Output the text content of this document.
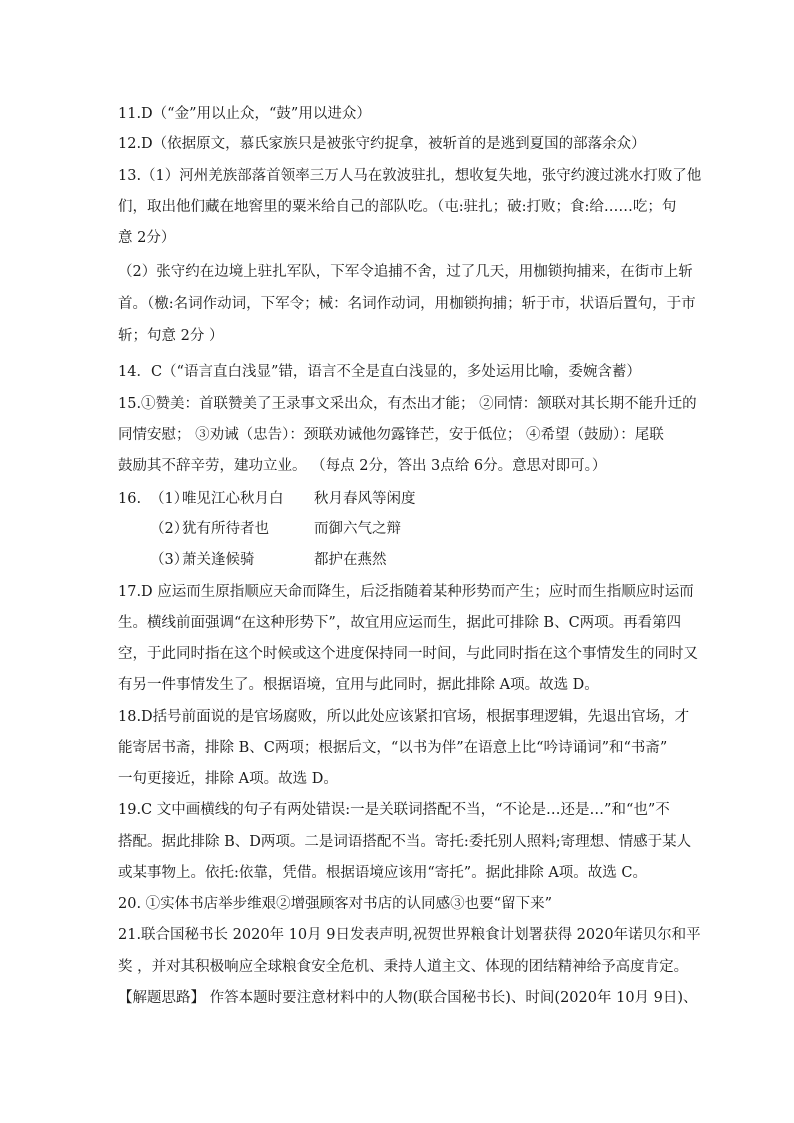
11.D（“金”用以止众，“鼓”用以进众）
12.D（依据原文，慕氏家族只是被张守约捉拿，被斩首的是逃到夏国的部落余众）
13.（1）河州羌族部落首领率三万人马在敦波驻扎，想收复失地，张守约渡过洮水打败了他
们，取出他们藏在地窖里的粟米给自己的部队吃。（屯:驻扎；破:打败；食:给……吃；句
意 2分）
（2）张守约在边境上驻扎军队，下军令追捕不舍，过了几天，用枷锁拘捕来，在街市上斩
首。（檄:名词作动词，下军令；械：名词作动词，用枷锁拘捕；斩于市，状语后置句，于市
斩；句意 2分 ）
14．C（“语言直白浅显”错，语言不全是直白浅显的，多处运用比喻，委婉含蓄）
15.①赞美：首联赞美了王录事文采出众，有杰出才能； ②同情：颔联对其长期不能升迁的
同情安慰； ③劝诫（忠告）：颈联劝诫他勿露锋芒，安于低位； ④希望（鼓励）：尾联
鼓励其不辞辛劳，建功立业。 （每点 2分，答出 3点给 6分。意思对即可。）
16. （1）
唯见江心秋月白 秋月春风等闲度
（2）
犹有所待者也	而御六气之辩
（3）
萧关逢候骑	都护在燕然
17.D 应运而生原指顺应天命而降生，后泛指随着某种形势而产生；应时而生指顺应时运而
生。横线前面强调“在这种形势下”，故宜用应运而生，据此可排除 B、C两项。再看第四
空，于此同时指在这个时候或这个进度保持同一时间，与此同时指在这个事情发生的同时又
有另一件事情发生了。根据语境，宜用与此同时，据此排除 A项。故选 D。
18.D括号前面说的是官场腐败，所以此处应该紧扣官场，根据事理逻辑，先退出官场，才
能寄居书斋，排除 B、C两项；根据后文，“以书为伴”在语意上比“吟诗诵词”和“书斋”
一句更接近，排除 A项。故选 D。
19.C 文中画横线的句子有两处错误:一是关联词搭配不当，“不论是…还是…”和“也”不
搭配。据此排除 B、D两项。二是词语搭配不当。寄托:委托别人照料;寄理想、情感于某人
或某事物上。依托:依靠，凭借。根据语境应该用“寄托”。据此排除 A项。故选 C。
20. ①实体书店举步维艰②增强顾客对书店的认同感③也要“留下来”
21.联合国秘书长 2020年 10月 9日发表声明,祝贺世界粮食计划署获得 2020年诺贝尔和平
奖 ，并对其积极响应全球粮食安全危机、秉持人道主文、体现的团结精神给予高度肯定。
【解题思路】 作答本题时要注意材料中的人物(联合国秘书长)、时间(2020年 10月 9日)、
